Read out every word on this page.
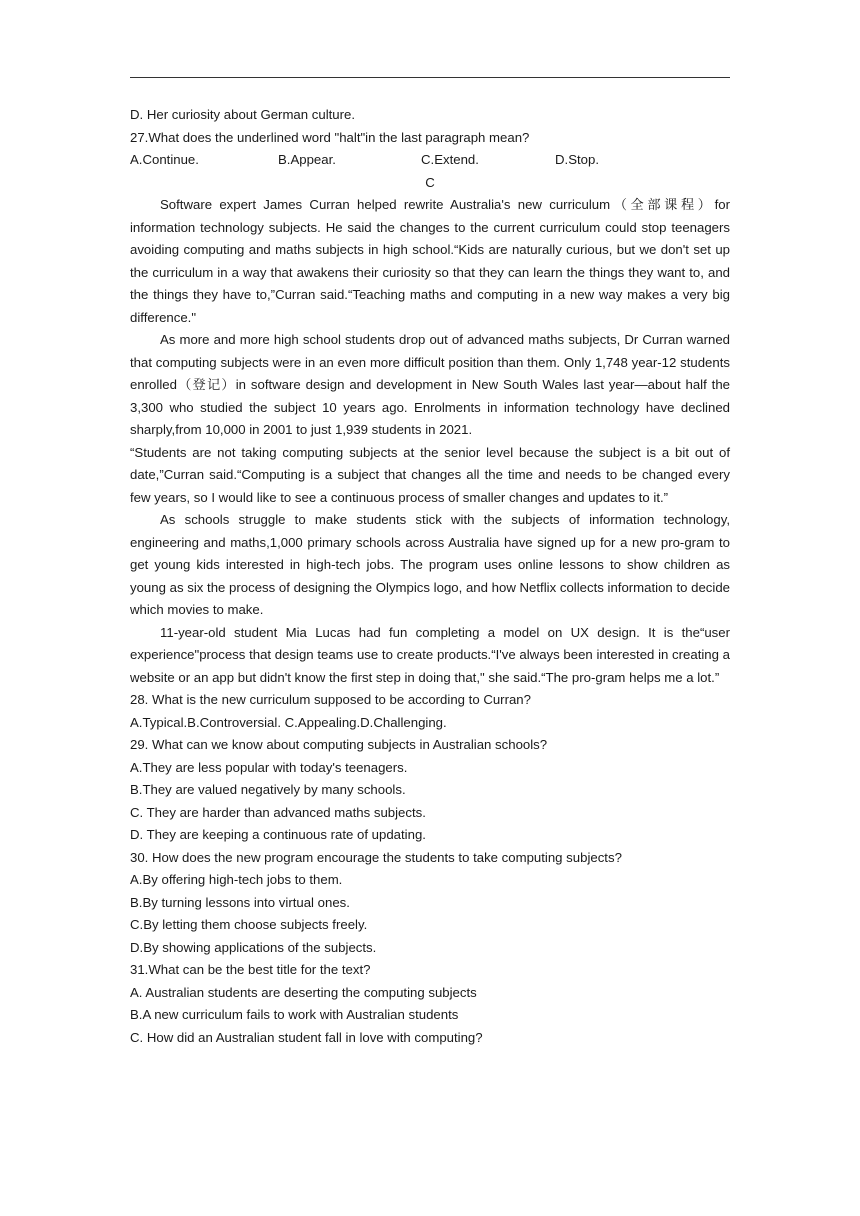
D. Her curiosity about German culture.

27.What does the underlined word "halt"in the last paragraph mean?

A.Continue.	B.Appear.	C.Extend.	D.Stop.
C

Software expert James Curran helped rewrite Australia's new curriculum（全部课程）for information technology subjects. He said the changes to the current curriculum could stop teenagers avoiding computing and maths subjects in high school.“Kids are naturally curious, but we don't set up the curriculum in a way that awakens their curiosity so that they can learn the things they want to, and the things they have to,”Curran said.“Teaching maths and computing in a new way makes a very big difference."

As more and more high school students drop out of advanced maths subjects, Dr Curran warned that computing subjects were in an even more difficult position than them. Only 1,748 year-12 students enrolled（登记）in software design and development in New South Wales last year—about half the 3,300 who studied the subject 10 years ago. Enrolments in information technology have declined sharply,from 10,000 in 2001 to just 1,939 students in 2021.

“Students are not taking computing subjects at the senior level because the subject is a bit out of date,”Curran said.“Computing is a subject that changes all the time and needs to be changed every few years, so I would like to see a continuous process of smaller changes and updates to it.”

As schools struggle to make students stick with the subjects of information technology, engineering and maths,1,000 primary schools across Australia have signed up for a new pro-gram to get young kids interested in high-tech jobs. The program uses online lessons to show children as young as six the process of designing the Olympics logo, and how Netflix collects information to decide which movies to make.

11-year-old student Mia Lucas had fun completing a model on UX design. It is the“user experience"process that design teams use to create products.“I've always been interested in creating a website or an app but didn't know the first step in doing that," she said.“The pro-gram helps me a lot.”

28. What is the new curriculum supposed to be according to Curran?

A.Typical.B.Controversial. C.Appealing.D.Challenging.

29. What can we know about computing subjects in Australian schools?

A.They are less popular with today's teenagers.

B.They are valued negatively by many schools.

C. They are harder than advanced maths subjects.

D. They are keeping a continuous rate of updating.

30. How does the new program encourage the students to take computing subjects?

A.By offering high-tech jobs to them.

B.By turning lessons into virtual ones.

C.By letting them choose subjects freely.

D.By showing applications of the subjects.

31.What can be the best title for the text?

A. Australian students are deserting the computing subjects

B.A new curriculum fails to work with Australian students

C. How did an Australian student fall in love with computing?
